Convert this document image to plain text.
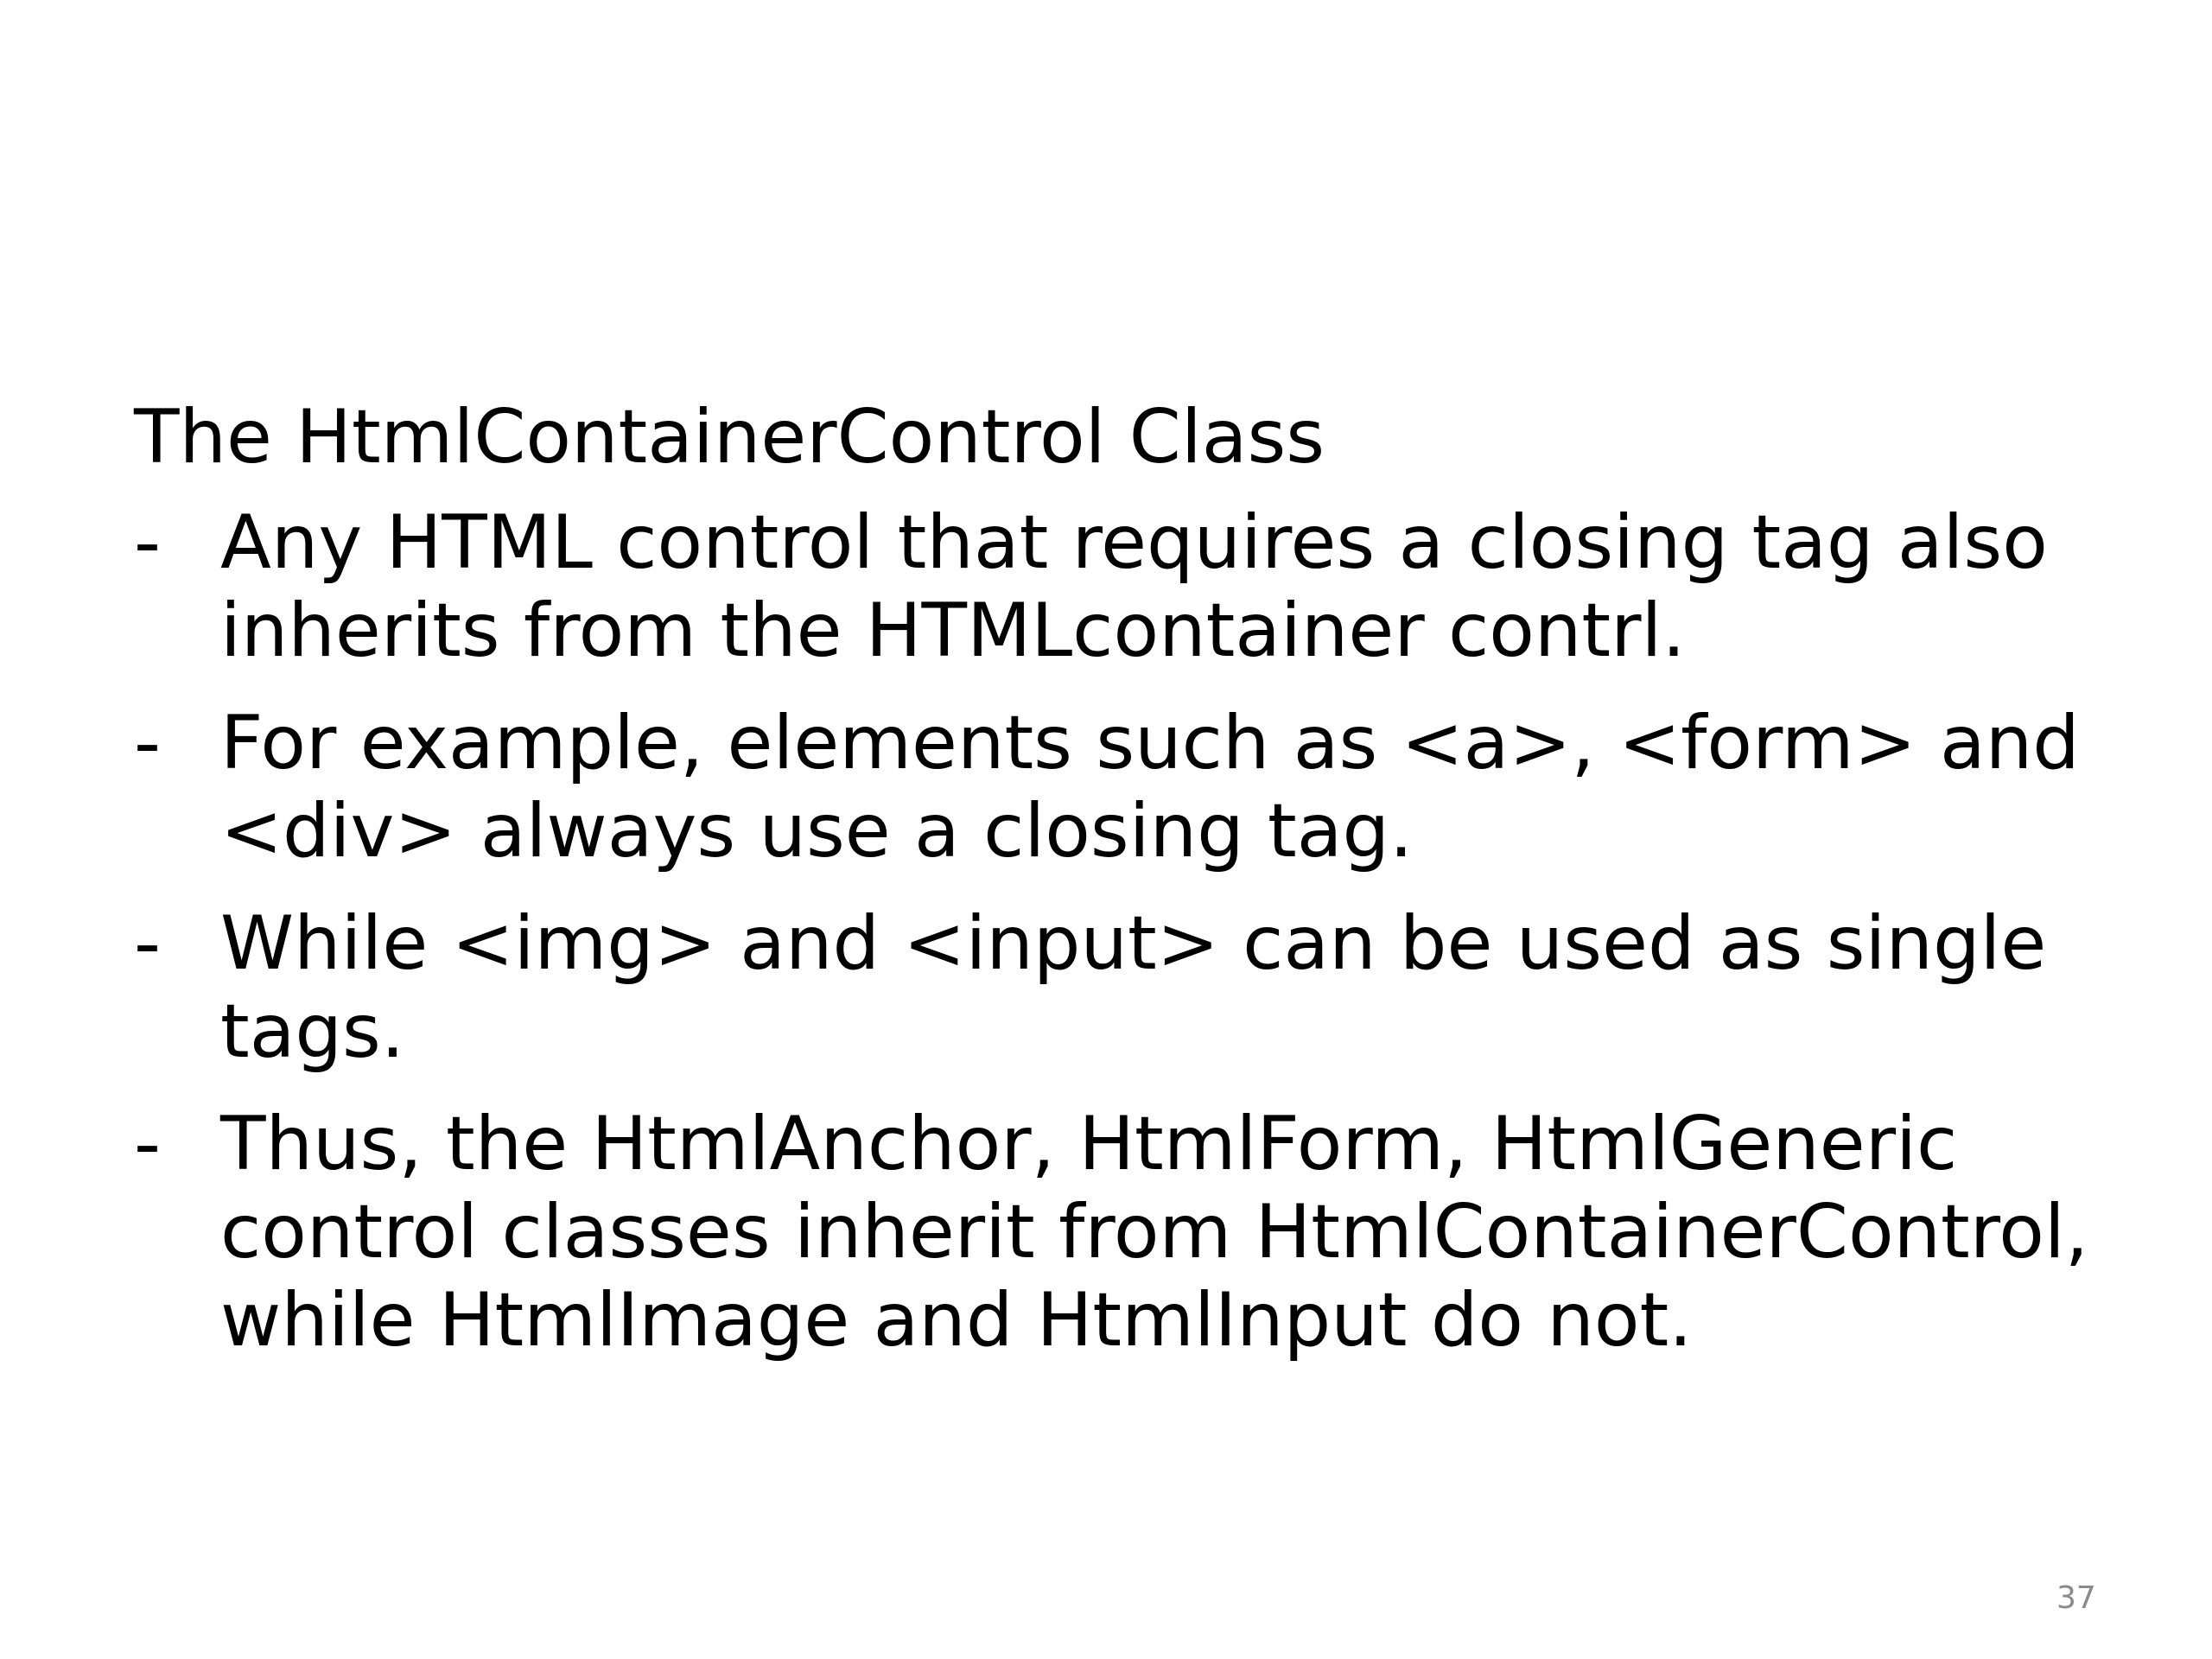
The HtmlContainerControl Class
- Any HTML control that requires a closing tag also inherits from the HTMLcontainer contrl.
- For example, elements such as <a>, <form> and <div> always use a closing tag.
- While <img> and <input> can be used as single tags.
- Thus, the HtmlAnchor, HtmlForm, HtmlGeneric control classes inherit from HtmlContainerControl, while HtmlImage and HtmlInput do not.
37
